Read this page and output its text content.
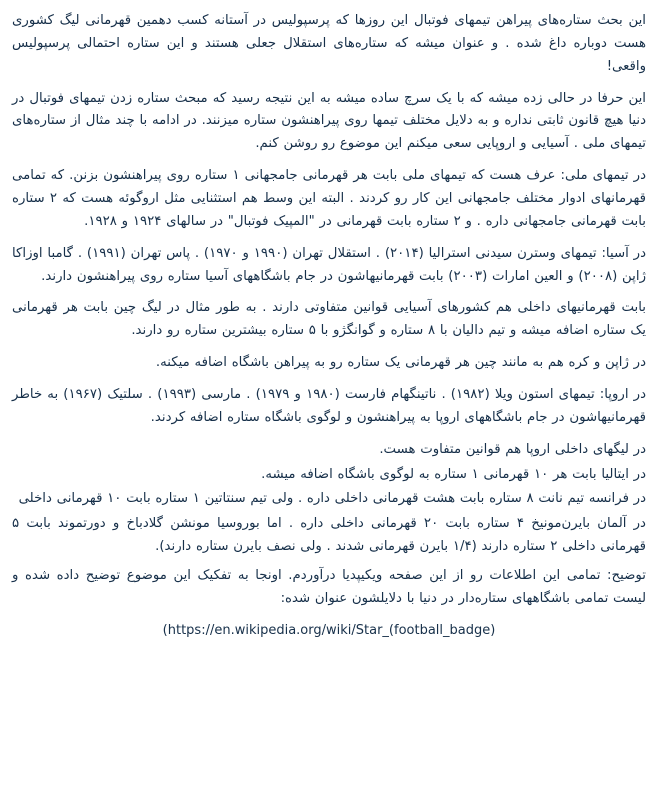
این بحث ستاره‌های پیراهن تیمهای فوتبال این روزها که پرسپولیس در آستانه کسب دهمین قهرمانی لیگ کشوری هست دوباره داغ شده . و عنوان میشه که ستاره‌های استقلال جعلی هستند و این ستاره احتمالی پرسپولیس واقعی!

این حرفا در حالی زده میشه که با یک سرچ ساده میشه به این نتیجه رسید که مبحث ستاره زدن تیمهای فوتبال در دنیا هیچ قانون ثابتی نداره و به دلایل مختلف تیمها روی پیراهنشون ستاره میزنند. در ادامه با چند مثال از ستاره‌های تیمهای ملی . آسیایی و اروپایی سعی میکنم این موضوع رو روشن کنم.

در تیمهای ملی: عرف هست که تیمهای ملی بابت هر قهرمانی جامجهانی ۱ ستاره روی پیراهنشون بزنن. که تمامی قهرمانهای ادوار مختلف جامجهانی این کار رو کردند . البته این وسط هم استثنایی مثل اروگوئه هست که ۲ ستاره بابت قهرمانی جامجهانی داره . و ۲ ستاره بابت قهرمانی در "المپیک فوتبال" در سالهای ۱۹۲۴ و ۱۹۲۸.

در آسیا: تیمهای وسترن سیدنی استرالیا (۲۰۱۴) . استقلال تهران (۱۹۹۰ و ۱۹۷۰) . پاس تهران (۱۹۹۱) . گامبا اوزاکا ژاپن (۲۰۰۸) و العین امارات (۲۰۰۳) بابت قهرمانیهاشون در جام باشگاههای آسیا ستاره روی پیراهنشون دارند.

بابت قهرمانیهای داخلی هم کشورهای آسیایی قوانین متفاوتی دارند . به طور مثال در لیگ چین بابت هر قهرمانی یک ستاره اضافه میشه و تیم دالیان با ۸ ستاره و گوانگژو با ۵ ستاره بیشترین ستاره رو دارند.

در ژاپن و کره هم به مانند چین هر قهرمانی یک ستاره رو به پیراهن باشگاه اضافه میکنه.

در اروپا: تیمهای استون ویلا (۱۹۸۲) . ناتینگهام فارست (۱۹۸۰ و ۱۹۷۹) . مارسی (۱۹۹۳) . سلتیک (۱۹۶۷) به خاطر قهرمانیهاشون در جام باشگاههای اروپا به پیراهنشون و لوگوی باشگاه ستاره اضافه کردند.

در لیگهای داخلی اروپا هم قوانین متفاوت هست.

در ایتالیا بابت هر ۱۰ قهرمانی ۱ ستاره به لوگوی باشگاه اضافه میشه.

در فرانسه تیم نانت ۸ ستاره بابت هشت قهرمانی داخلی داره . ولی تیم سنتاتین ۱ ستاره بابت ۱۰ قهرمانی داخلی

در آلمان بایرن‌مونیخ ۴ ستاره بابت ۲۰ قهرمانی داخلی داره . اما بوروسیا مونشن گلادباخ و دورتموند بابت ۵ قهرمانی داخلی ۲ ستاره دارند (۱/۴ بایرن قهرمانی شدند . ولی نصف بایرن ستاره دارند).

توضیح: تمامی این اطلاعات رو از این صفحه ویکیپدیا درآوردم. اونجا به تفکیک این موضوع توضیح داده شده و لیست تمامی باشگاههای ستاره‌دار در دنیا با دلایلشون عنوان شده:

(https://en.wikipedia.org/wiki/Star_(football_badge)
